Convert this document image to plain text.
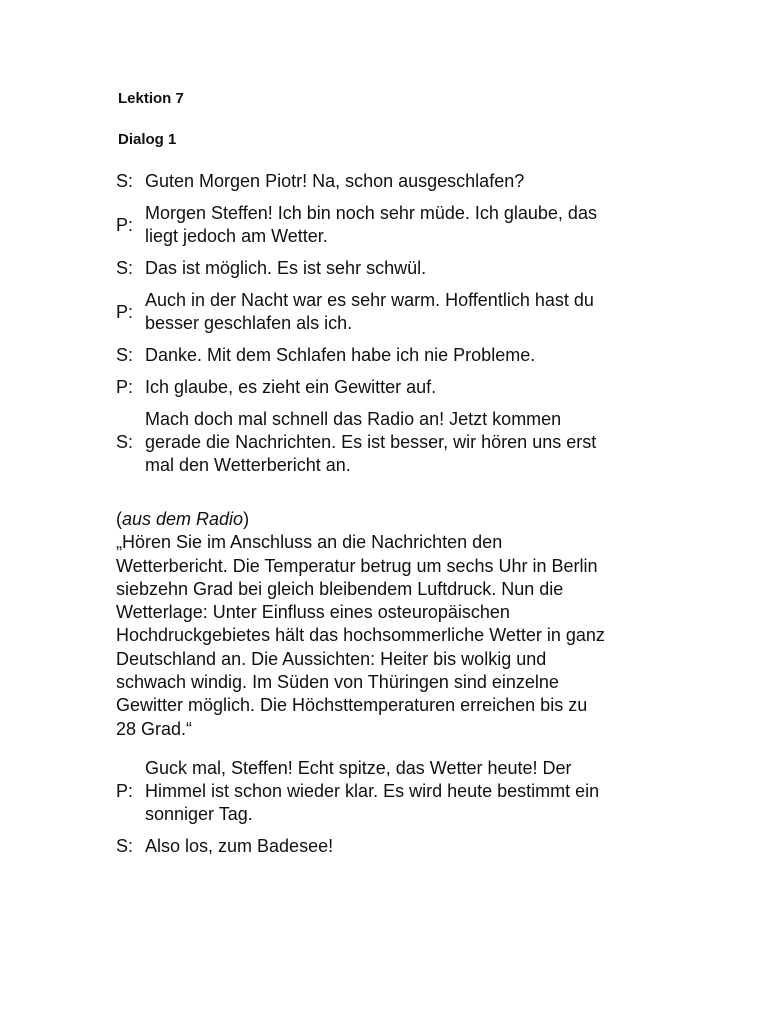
Lektion 7
Dialog 1
S: Guten Morgen Piotr! Na, schon ausgeschlafen?
P:
Morgen Steffen! Ich bin noch sehr müde. Ich glaube, das
liegt jedoch am Wetter.
S: Das ist möglich. Es ist sehr schwül.
P:
Auch in der Nacht war es sehr warm. Hoffentlich hast du
besser geschlafen als ich.
S: Danke. Mit dem Schlafen habe ich nie Probleme.
P: Ich glaube, es zieht ein Gewitter auf.
S:
Mach doch mal schnell das Radio an! Jetzt kommen
gerade die Nachrichten. Es ist besser, wir hören uns erst
mal den Wetterbericht an.
(aus dem Radio)
„Hören Sie im Anschluss an die Nachrichten den
Wetterbericht. Die Temperatur betrug um sechs Uhr in Berlin
siebzehn Grad bei gleich bleibendem Luftdruck. Nun die
Wetterlage: Unter Einfluss eines osteuropäischen
Hochdruckgebietes hält das hochsommerliche Wetter in ganz
Deutschland an. Die Aussichten: Heiter bis wolkig und
schwach windig. Im Süden von Thüringen sind einzelne
Gewitter möglich. Die Höchsttemperaturen erreichen bis zu
28 Grad.“
P:
Guck mal, Steffen! Echt spitze, das Wetter heute! Der
Himmel ist schon wieder klar. Es wird heute bestimmt ein
sonniger Tag.
S: Also los, zum Badesee!
